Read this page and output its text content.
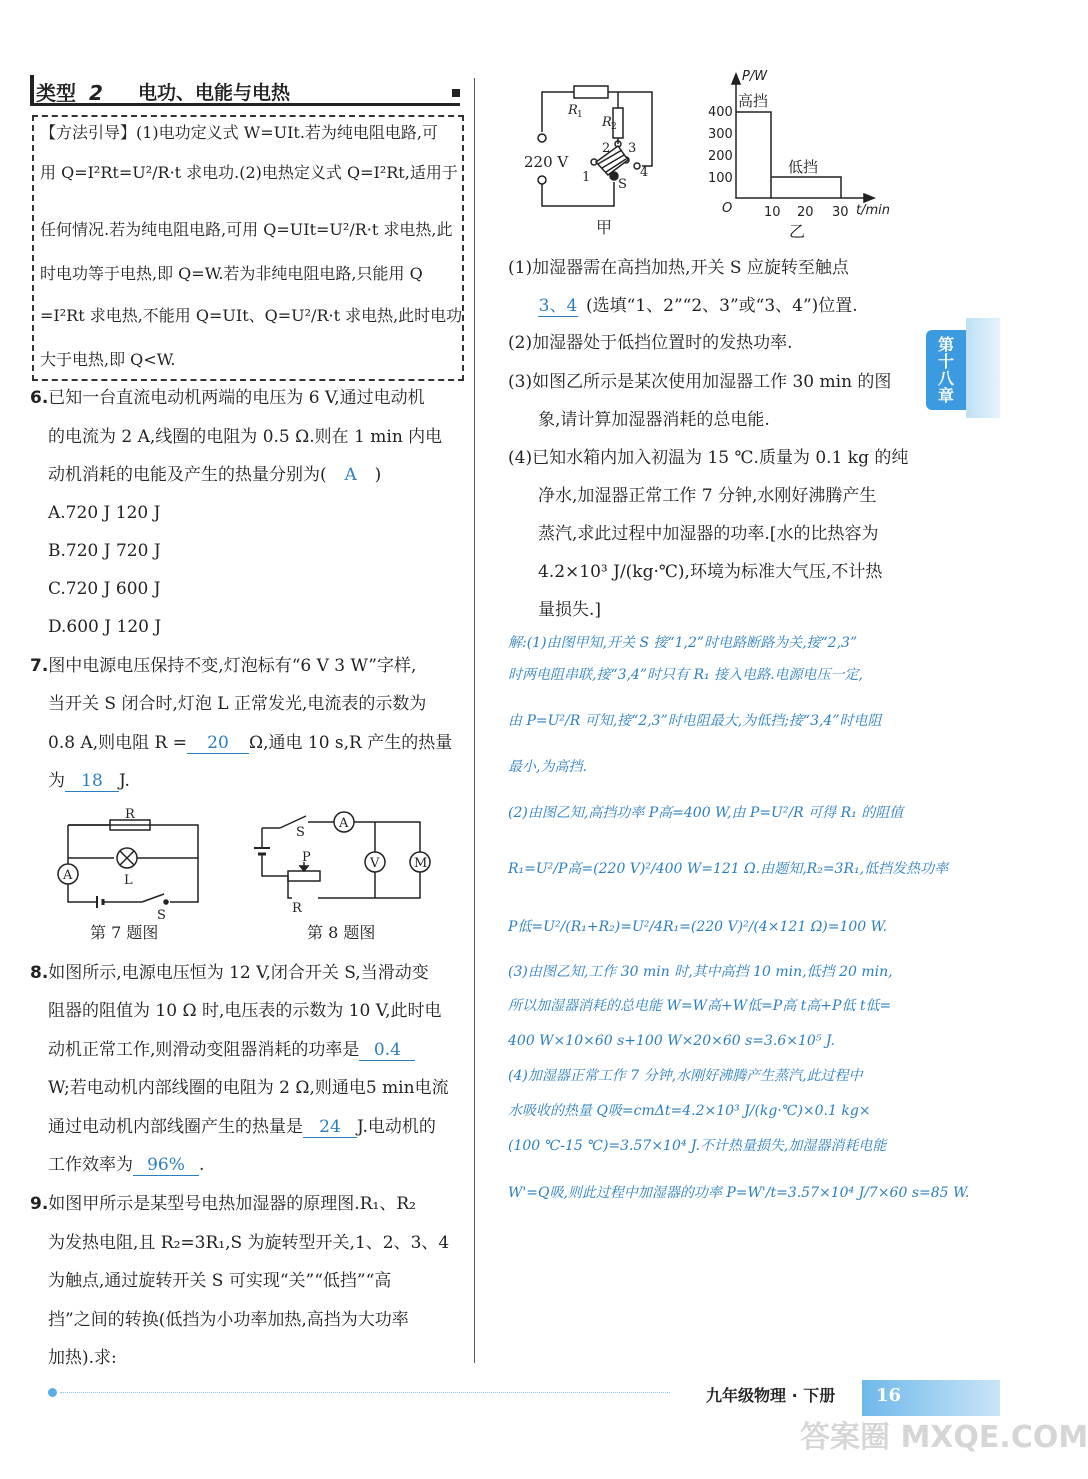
类型 2 电功、电能与电热
【方法引导】(1)电功定义式 W=UIt.若为纯电阻电路,可
用 Q=I²Rt=U²/R·t 求电功.(2)电热定义式 Q=I²Rt,适用于
任何情况.若为纯电阻电路,可用 Q=UIt=U²/R·t 求电热,此
时电功等于电热,即 Q=W.若为非纯电阻电路,只能用 Q
=I²Rt 求电热,不能用 Q=UIt、Q=U²/R·t 求电热,此时电功
大于电热,即 Q<W.
6.已知一台直流电动机两端的电压为 6 V,通过电动机
的电流为 2 A,线圈的电阻为 0.5 Ω.则在 1 min 内电
动机消耗的电能及产生的热量分别为( A )
A.720 J 120 J
B.720 J 720 J
C.720 J 600 J
D.600 J 120 J
7.图中电源电压保持不变,灯泡标有“6 V 3 W”字样,
当开关 S 闭合时,灯泡 L 正常发光,电流表的示数为
0.8 A,则电阻 R = 20 Ω,通电 10 s,R 产生的热量
为 18 J.
A
R
L
S
第 7 题图
S
A
V	M
P
R
第 8 题图
8.如图所示,电源电压恒为 12 V,闭合开关 S,当滑动变
阻器的阻值为 10 Ω 时,电压表的示数为 10 V,此时电
动机正常工作,则滑动变阻器消耗的功率是 0.4
W;若电动机内部线圈的电阻为 2 Ω,则通电5 min电流
通过电动机内部线圈产生的热量是 24 J.电动机的
工作效率为 96% .
9.如图甲所示是某型号电热加湿器的原理图.R₁、R₂
为发热电阻,且 R₂=3R₁,S 为旋转型开关,1、2、3、4
为触点,通过旋转开关 S 可实现“关”“低挡”“高
挡”之间的转换(低挡为小功率加热,高挡为大功率
加热).求:
R 1 R 2
2 3
1	4
S
220 V
甲
P/W
400
300
200
100
O 10 20 30 t/min
高挡
低挡
乙
(1)加湿器需在高挡加热,开关 S 应旋转至触点
3、4 (选填“1、2”“2、3”或“3、4”)位置.
(2)加湿器处于低挡位置时的发热功率.
(3)如图乙所示是某次使用加湿器工作 30 min 的图
象,请计算加湿器消耗的总电能.
(4)已知水箱内加入初温为 15 ℃.质量为 0.1 kg 的纯
净水,加湿器正常工作 7 分钟,水刚好沸腾产生
蒸汽,求此过程中加湿器的功率.[水的比热容为
4.2×10³ J/(kg·℃),环境为标准大气压,不计热
量损失.]
解:(1)由图甲知,开关 S 接“1,2”时电路断路为关,接“2,3”
时两电阻串联,接“3,4”时只有 R₁ 接入电路.电源电压一定,
由 P=U²/R 可知,接“2,3”时电阻最大,为低挡;接“3,4”时电阻
最小,为高挡.
(2)由图乙知,高挡功率 P高=400 W,由 P=U²/R 可得 R₁ 的阻值
R₁=U²/P高=(220 V)²/400 W=121 Ω.由题知,R₂=3R₁,低挡发热功率
P低=U²/(R₁+R₂)=U²/4R₁=(220 V)²/(4×121 Ω)=100 W.
(3)由图乙知,工作 30 min 时,其中高挡 10 min,低挡 20 min,
所以加湿器消耗的总电能 W=W高+W低=P高 t高+P低 t低=
400 W×10×60 s+100 W×20×60 s=3.6×10⁵ J.
(4)加湿器正常工作 7 分钟,水刚好沸腾产生蒸汽,此过程中
水吸收的热量 Q吸=cmΔt=4.2×10³ J/(kg·℃)×0.1 kg×
(100 ℃-15 ℃)=3.57×10⁴ J.不计热量损失,加湿器消耗电能
W'=Q吸,则此过程中加湿器的功率 P=W'/t=3.57×10⁴ J/7×60 s=85 W.
第
十
八
章
九年级物理 · 下册 16
答案圈 MXQE.COM
